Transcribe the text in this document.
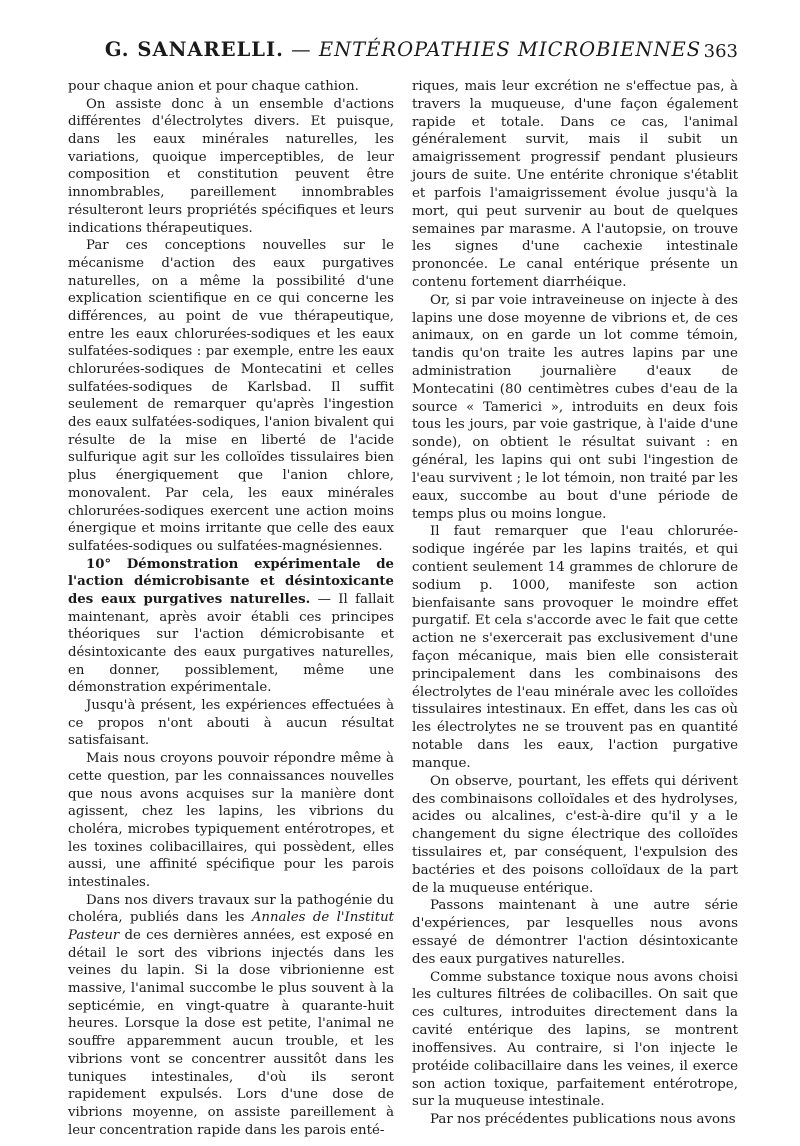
G. SANARELLI. — ENTÉROPATHIES MICROBIENNES 363

pour chaque anion et pour chaque cathion.

On assiste donc à un ensemble d'actions différentes d'électrolytes divers. Et puisque, dans les eaux minérales naturelles, les variations, quoique imperceptibles, de leur composition et constitution peuvent être innombrables, pareillement innombrables résulteront leurs propriétés spécifiques et leurs indications thérapeutiques.

Par ces conceptions nouvelles sur le mécanisme d'action des eaux purgatives naturelles, on a même la possibilité d'une explication scientifique en ce qui concerne les différences, au point de vue thérapeutique, entre les eaux chlorurées-sodiques et les eaux sulfatées-sodiques : par exemple, entre les eaux chlorurées-sodiques de Montecatini et celles sulfatées-sodiques de Karlsbad. Il suffit seulement de remarquer qu'après l'ingestion des eaux sulfatées-sodiques, l'anion bivalent qui résulte de la mise en liberté de l'acide sulfurique agit sur les colloïdes tissulaires bien plus énergiquement que l'anion chlore, monovalent. Par cela, les eaux minérales chlorurées-sodiques exercent une action moins énergique et moins irritante que celle des eaux sulfatées-sodiques ou sulfatées-magnésiennes.

10° Démonstration expérimentale de l'action démicrobisante et désintoxicante des eaux purgatives naturelles. — Il fallait maintenant, après avoir établi ces principes théoriques sur l'action démicrobisante et désintoxicante des eaux purgatives naturelles, en donner, possiblement, même une démonstration expérimentale.

Jusqu'à présent, les expériences effectuées à ce propos n'ont abouti à aucun résultat satisfaisant.

Mais nous croyons pouvoir répondre même à cette question, par les connaissances nouvelles que nous avons acquises sur la manière dont agissent, chez les lapins, les vibrions du choléra, microbes typiquement entérotropes, et les toxines colibacillaires, qui possèdent, elles aussi, une affinité spécifique pour les parois intestinales.

Dans nos divers travaux sur la pathogénie du choléra, publiés dans les Annales de l'Institut Pasteur de ces dernières années, est exposé en détail le sort des vibrions injectés dans les veines du lapin. Si la dose vibrionienne est massive, l'animal succombe le plus souvent à la septicémie, en vingt-quatre à quarante-huit heures. Lorsque la dose est petite, l'animal ne souffre apparemment aucun trouble, et les vibrions vont se concentrer aussitôt dans les tuniques intestinales, d'où ils seront rapidement expulsés. Lors d'une dose de vibrions moyenne, on assiste pareillement à leur concentration rapide dans les parois enté-

riques, mais leur excrétion ne s'effectue pas, à travers la muqueuse, d'une façon également rapide et totale. Dans ce cas, l'animal généralement survit, mais il subit un amaigrissement progressif pendant plusieurs jours de suite. Une entérite chronique s'établit et parfois l'amaigrissement évolue jusqu'à la mort, qui peut survenir au bout de quelques semaines par marasme. A l'autopsie, on trouve les signes d'une cachexie intestinale prononcée. Le canal entérique présente un contenu fortement diarrhéique.

Or, si par voie intraveineuse on injecte à des lapins une dose moyenne de vibrions et, de ces animaux, on en garde un lot comme témoin, tandis qu'on traite les autres lapins par une administration journalière d'eaux de Montecatini (80 centimètres cubes d'eau de la source « Tamerici », introduits en deux fois tous les jours, par voie gastrique, à l'aide d'une sonde), on obtient le résultat suivant : en général, les lapins qui ont subi l'ingestion de l'eau survivent ; le lot témoin, non traité par les eaux, succombe au bout d'une période de temps plus ou moins longue.

Il faut remarquer que l'eau chlorurée-sodique ingérée par les lapins traités, et qui contient seulement 14 grammes de chlorure de sodium p. 1000, manifeste son action bienfaisante sans provoquer le moindre effet purgatif. Et cela s'accorde avec le fait que cette action ne s'exercerait pas exclusivement d'une façon mécanique, mais bien elle consisterait principalement dans les combinaisons des électrolytes de l'eau minérale avec les colloïdes tissulaires intestinaux. En effet, dans les cas où les électrolytes ne se trouvent pas en quantité notable dans les eaux, l'action purgative manque.

On observe, pourtant, les effets qui dérivent des combinaisons colloïdales et des hydrolyses, acides ou alcalines, c'est-à-dire qu'il y a le changement du signe électrique des colloïdes tissulaires et, par conséquent, l'expulsion des bactéries et des poisons colloïdaux de la part de la muqueuse entérique.

Passons maintenant à une autre série d'expériences, par lesquelles nous avons essayé de démontrer l'action désintoxicante des eaux purgatives naturelles.

Comme substance toxique nous avons choisi les cultures filtrées de colibacilles. On sait que ces cultures, introduites directement dans la cavité entérique des lapins, se montrent inoffensives. Au contraire, si l'on injecte le protéide colibacillaire dans les veines, il exerce son action toxique, parfaitement entérotrope, sur la muqueuse intestinale.

Par nos précédentes publications nous avons
